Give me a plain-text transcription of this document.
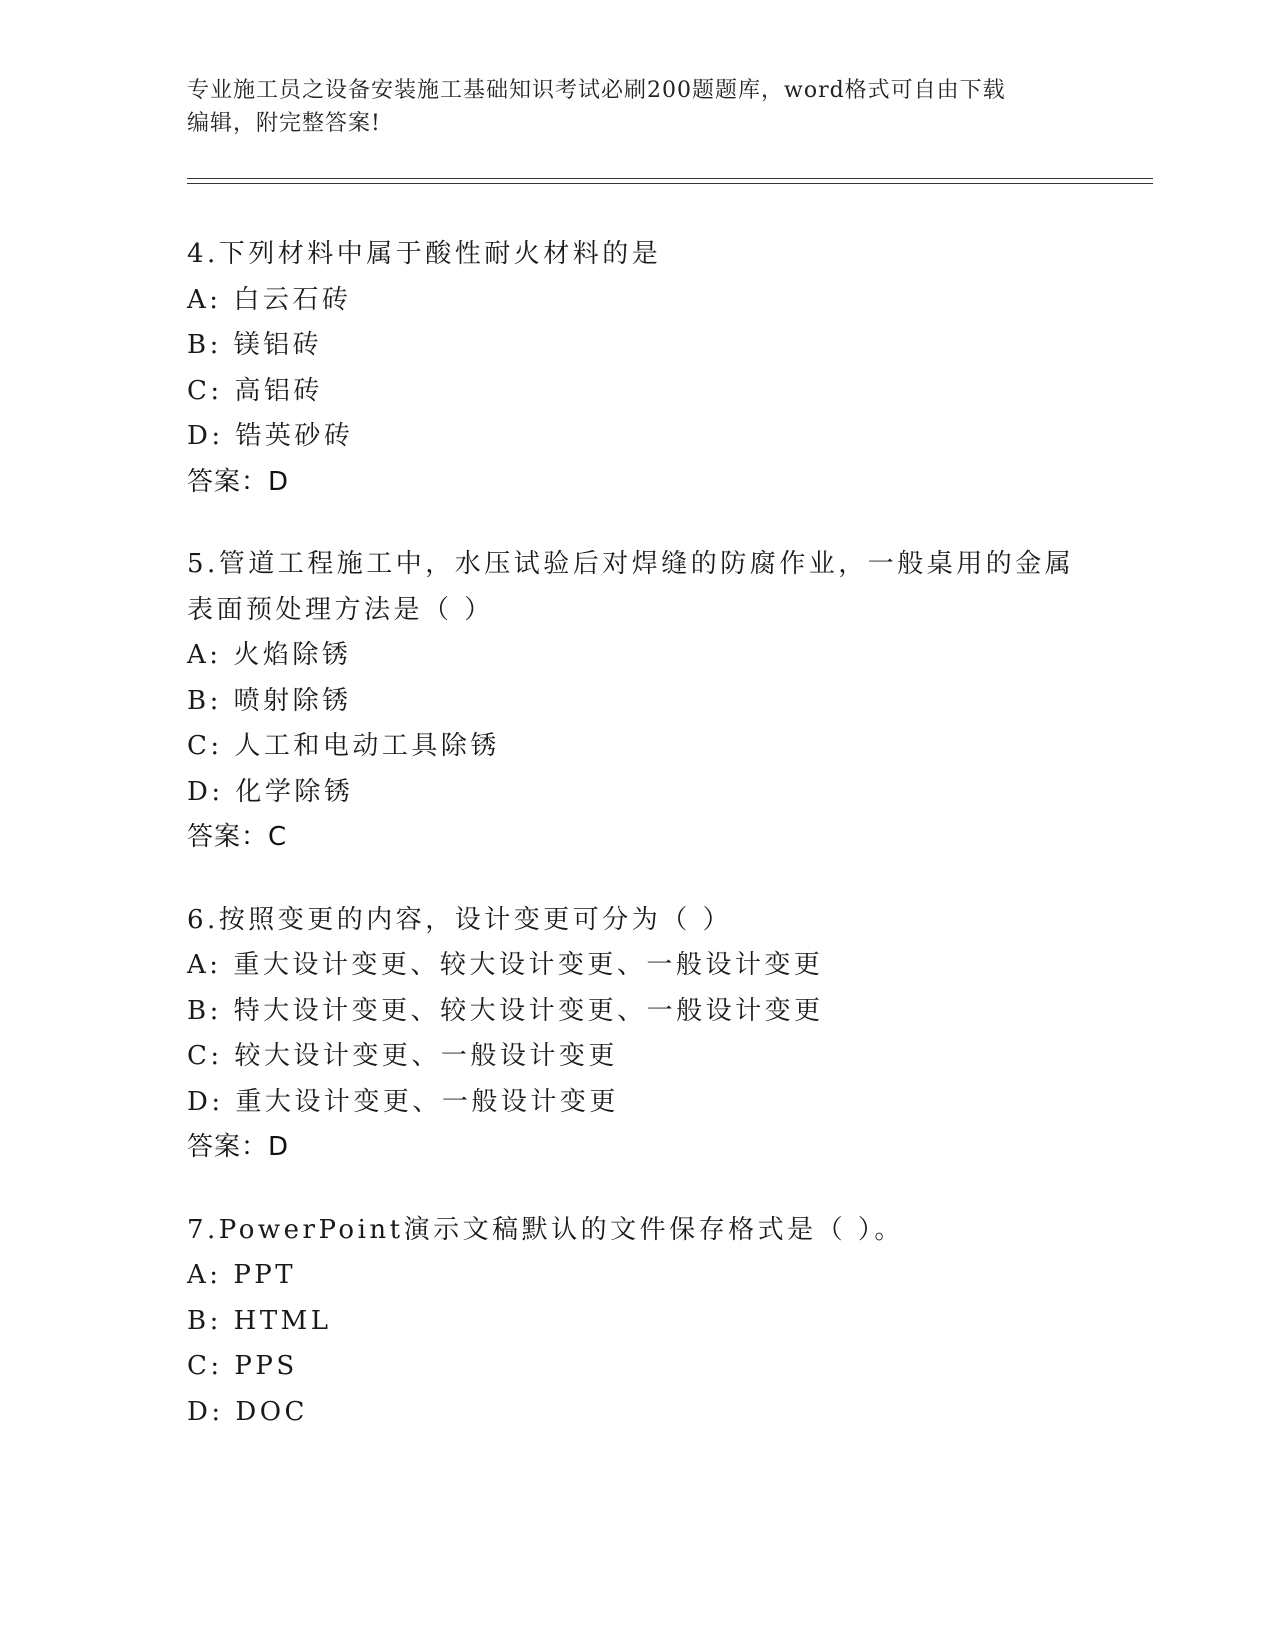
专业施工员之设备安装施工基础知识考试必刷200题题库，word格式可自由下载
编辑，附完整答案!

4.下列材料中属于酸性耐火材料的是

A: 白云石砖

B: 镁铝砖

C: 高铝砖

D: 锆英砂砖

答案：D

5.管道工程施工中，水压试验后对焊缝的防腐作业，一般桌用的金属

表面预处理方法是（ ）

A: 火焰除锈

B: 喷射除锈

C: 人工和电动工具除锈

D: 化学除锈

答案：C

6.按照变更的内容，设计变更可分为（ ）

A: 重大设计变更、较大设计变更、一般设计变更

B: 特大设计变更、较大设计变更、一般设计变更

C: 较大设计变更、一般设计变更

D: 重大设计变更、一般设计变更

答案：D

7.PowerPoint演示文稿默认的文件保存格式是（ ）。

A: PPT

B: HTML

C: PPS

D: DOC
